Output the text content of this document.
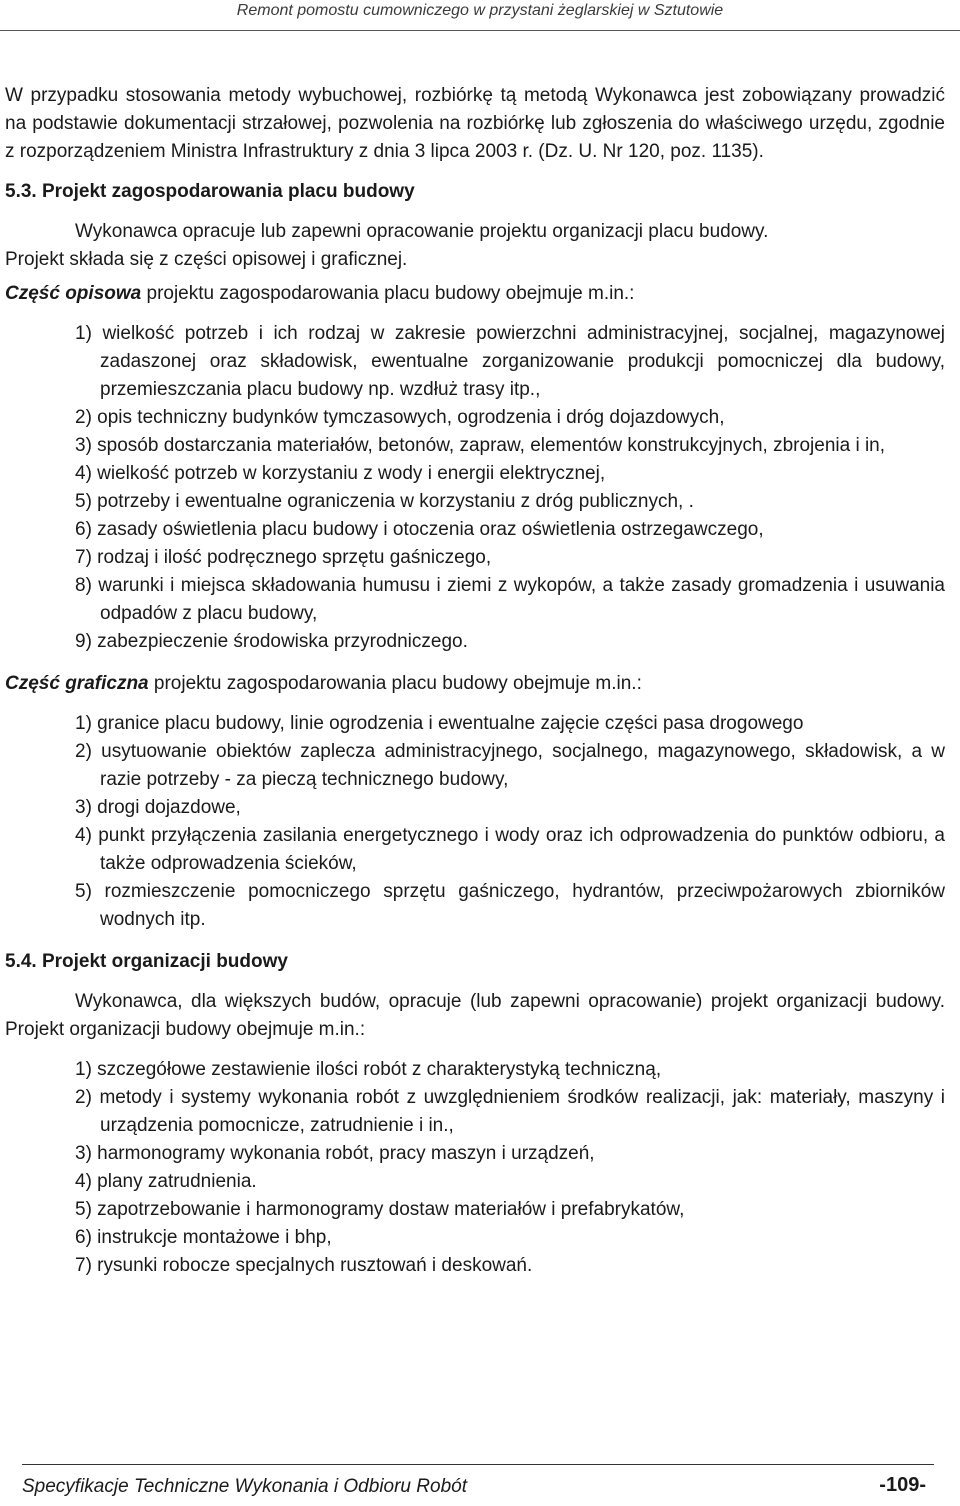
Remont pomostu cumowniczego w przystani żeglarskiej w Sztutowie

W przypadku stosowania metody wybuchowej, rozbiórkę tą metodą Wykonawca jest zobowiązany prowadzić na podstawie dokumentacji strzałowej, pozwolenia na rozbiórkę lub zgłoszenia do właściwego urzędu, zgodnie z rozporządzeniem Ministra Infrastruktury z dnia 3 lipca 2003 r. (Dz. U. Nr 120, poz. 1135).

5.3. Projekt zagospodarowania placu budowy

Wykonawca opracuje lub zapewni opracowanie projektu organizacji placu budowy.

Projekt składa się z części opisowej i graficznej.

Część opisowa projektu zagospodarowania placu budowy obejmuje m.in.:

1) wielkość potrzeb i ich rodzaj w zakresie powierzchni administracyjnej, socjalnej, magazynowej zadaszonej oraz składowisk, ewentualne zorganizowanie produkcji pomocniczej dla budowy, przemieszczania placu budowy np. wzdłuż trasy itp.,
2) opis techniczny budynków tymczasowych, ogrodzenia i dróg dojazdowych,
3) sposób dostarczania materiałów, betonów, zapraw, elementów konstrukcyjnych, zbrojenia i in,
4) wielkość potrzeb w korzystaniu z wody i energii elektrycznej,
5) potrzeby i ewentualne ograniczenia w korzystaniu z dróg publicznych, .
6) zasady oświetlenia placu budowy i otoczenia oraz oświetlenia ostrzegawczego,
7) rodzaj i ilość podręcznego sprzętu gaśniczego,
8) warunki i miejsca składowania humusu i ziemi z wykopów, a także zasady gromadzenia i usuwania odpadów z placu budowy,
9) zabezpieczenie środowiska przyrodniczego.

Część graficzna projektu zagospodarowania placu budowy obejmuje m.in.:

1) granice placu budowy, linie ogrodzenia i ewentualne zajęcie części pasa drogowego
2) usytuowanie obiektów zaplecza administracyjnego, socjalnego, magazynowego, składowisk, a w razie potrzeby - za pieczą technicznego budowy,
3) drogi dojazdowe,
4) punkt przyłączenia zasilania energetycznego i wody oraz ich odprowadzenia do punktów odbioru, a także odprowadzenia ścieków,
5) rozmieszczenie pomocniczego sprzętu gaśniczego, hydrantów, przeciwpożarowych zbiorników wodnych itp.

5.4. Projekt organizacji budowy

Wykonawca, dla większych budów, opracuje (lub zapewni opracowanie) projekt organizacji budowy. Projekt organizacji budowy obejmuje m.in.:

1) szczegółowe zestawienie ilości robót z charakterystyką techniczną,
2) metody i systemy wykonania robót z uwzględnieniem środków realizacji, jak: materiały, maszyny i urządzenia pomocnicze, zatrudnienie i in.,
3) harmonogramy wykonania robót, pracy maszyn i urządzeń,
4) plany zatrudnienia.
5) zapotrzebowanie i harmonogramy dostaw materiałów i prefabrykatów,
6) instrukcje montażowe i bhp,
7) rysunki robocze specjalnych rusztowań i deskowań.
Specyfikacje Techniczne Wykonania i Odbioru Robót	-109-
